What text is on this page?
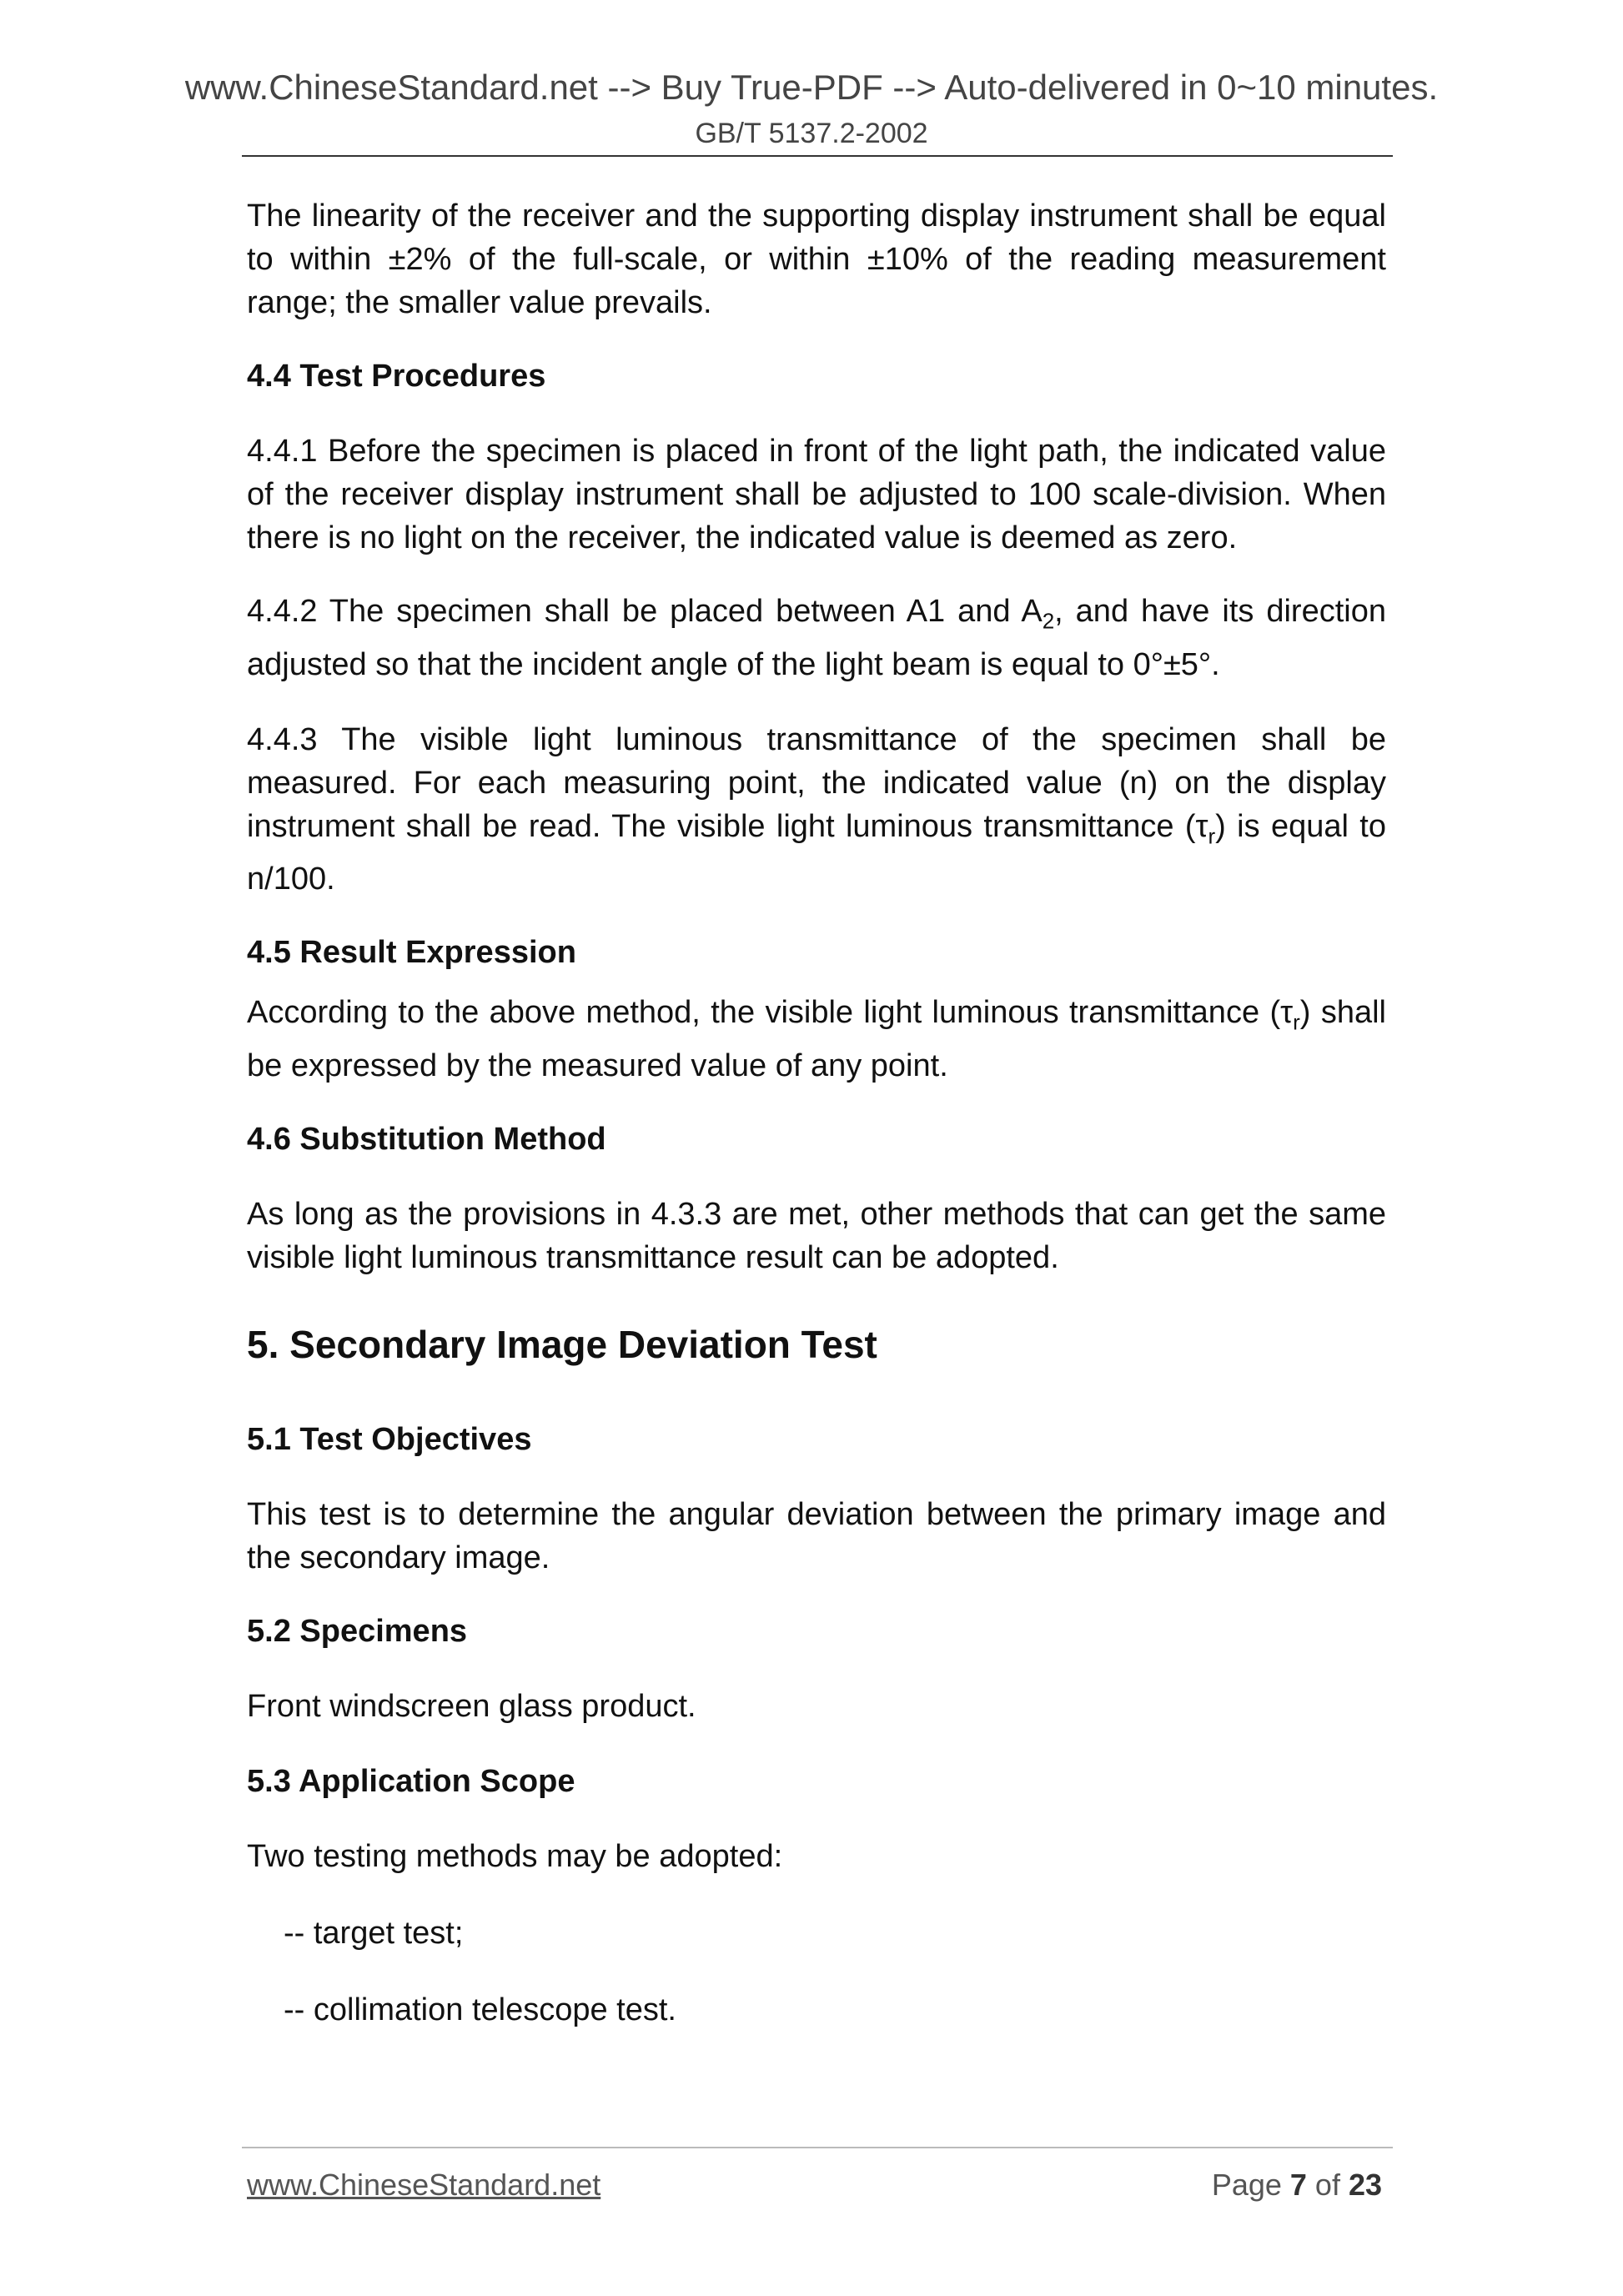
www.ChineseStandard.net --> Buy True-PDF --> Auto-delivered in 0~10 minutes.
GB/T 5137.2-2002

The linearity of the receiver and the supporting display instrument shall be equal to within ±2% of the full-scale, or within ±10% of the reading measurement range; the smaller value prevails.

4.4 Test Procedures

4.4.1 Before the specimen is placed in front of the light path, the indicated value of the receiver display instrument shall be adjusted to 100 scale-division. When there is no light on the receiver, the indicated value is deemed as zero.

4.4.2 The specimen shall be placed between A1 and $A_2$, and have its direction adjusted so that the incident angle of the light beam is equal to 0°±5°.

4.4.3 The visible light luminous transmittance of the specimen shall be measured. For each measuring point, the indicated value (n) on the display instrument shall be read. The visible light luminous transmittance $(\tau_r)$ is equal to n/100.

4.5 Result Expression

According to the above method, the visible light luminous transmittance $(\tau_r)$ shall be expressed by the measured value of any point.

4.6 Substitution Method

As long as the provisions in 4.3.3 are met, other methods that can get the same visible light luminous transmittance result can be adopted.

5. Secondary Image Deviation Test
5.1 Test Objectives

This test is to determine the angular deviation between the primary image and the secondary image.

5.2 Specimens

Front windscreen glass product.

5.3 Application Scope

Two testing methods may be adopted:

-- target test;

-- collimation telescope test.

www.ChineseStandard.net	Page 7 of 23
